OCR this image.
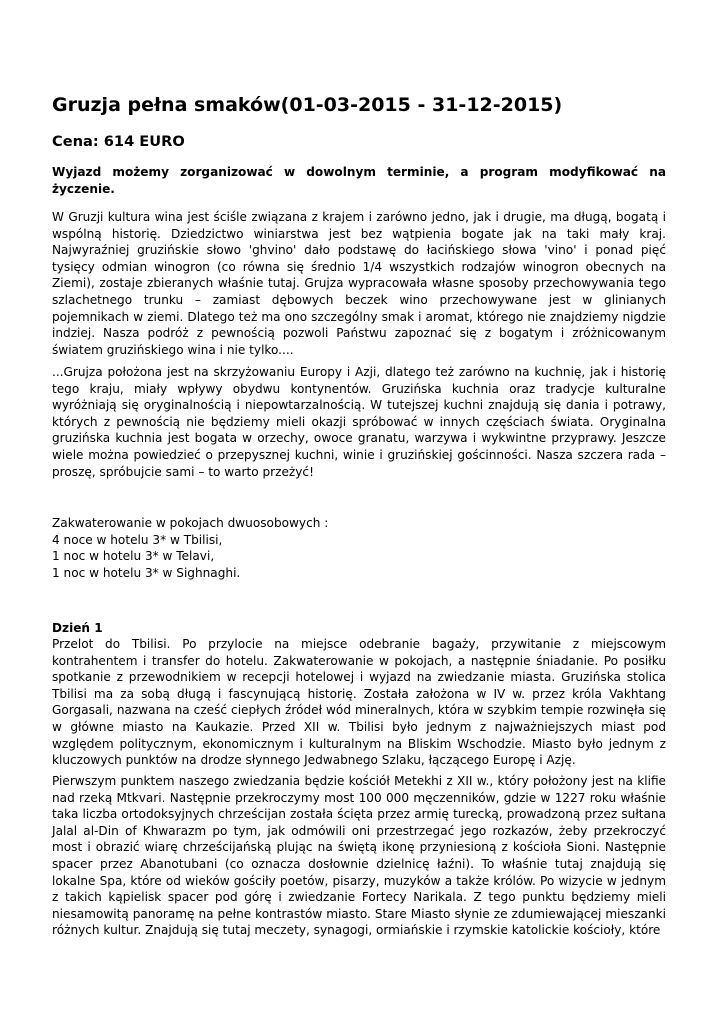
Gruzja pełna smaków(01-03-2015 - 31-12-2015)
Cena: 614 EURO

Wyjazd możemy zorganizować w dowolnym terminie, a program modyfikować na życzenie.

W Gruzji kultura wina jest ściśle związana z krajem i zarówno jedno, jak i drugie, ma długą, bogatą i wspólną historię. Dziedzictwo winiarstwa jest bez wątpienia bogate jak na taki mały kraj. Najwyraźniej gruzińskie słowo 'ghvino' dało podstawę do łacińskiego słowa 'vino' i ponad pięć tysięcy odmian winogron (co równa się średnio 1/4 wszystkich rodzajów winogron obecnych na Ziemi), zostaje zbieranych właśnie tutaj. Grujza wypracowała własne sposoby przechowywania tego szlachetnego trunku – zamiast dębowych beczek wino przechowywane jest w glinianych pojemnikach w ziemi. Dlatego też ma ono szczególny smak i aromat, którego nie znajdziemy nigdzie indziej. Nasza podróż z pewnością pozwoli Państwu zapoznać się z bogatym i zróżnicowanym światem gruzińskiego wina i nie tylko....

...Grujza położona jest na skrzyżowaniu Europy i Azji, dlatego też zarówno na kuchnię, jak i historię tego kraju, miały wpływy obydwu kontynentów. Gruzińska kuchnia oraz tradycje kulturalne wyróżniają się oryginalnością i niepowtarzalnością. W tutejszej kuchni znajdują się dania i potrawy, których z pewnością nie będziemy mieli okazji spróbować w innych częściach świata. Oryginalna gruzińska kuchnia jest bogata w orzechy, owoce granatu, warzywa i wykwintne przyprawy. Jeszcze wiele można powiedzieć o przepysznej kuchni, winie i gruzińskiej gościnności. Nasza szczera rada – proszę, spróbujcie sami – to warto przeżyć!

Zakwaterowanie w pokojach dwuosobowych :
4 noce w hotelu 3* w Tbilisi,
1 noc w hotelu 3* w Telavi,
1 noc w hotelu 3* w Sighnaghi.

Dzień 1

Przelot do Tbilisi. Po przylocie na miejsce odebranie bagaży, przywitanie z miejscowym kontrahentem i transfer do hotelu. Zakwaterowanie w pokojach, a następnie śniadanie. Po posiłku spotkanie z przewodnikiem w recepcji hotelowej i wyjazd na zwiedzanie miasta. Gruzińska stolica Tbilisi ma za sobą długą i fascynującą historię. Została założona w IV w. przez króla Vakhtang Gorgasali, nazwana na cześć ciepłych źródeł wód mineralnych, która w szybkim tempie rozwinęła się w główne miasto na Kaukazie. Przed XII w. Tbilisi było jednym z najważniejszych miast pod względem politycznym, ekonomicznym i kulturalnym na Bliskim Wschodzie. Miasto było jednym z kluczowych punktów na drodze słynnego Jedwabnego Szlaku, łączącego Europę i Azję.

Pierwszym punktem naszego zwiedzania będzie kościół Metekhi z XII w., który położony jest na klifie nad rzeką Mtkvari. Następnie przekroczymy most 100 000 męczenników, gdzie w 1227 roku właśnie taka liczba ortodoksyjnych chrześcijan została ścięta przez armię turecką, prowadzoną przez sułtana Jalal al-Din of Khwarazm po tym, jak odmówili oni przestrzegać jego rozkazów, żeby przekroczyć most i obrazić wiarę chrześcijańską plując na świętą ikonę przyniesioną z kościoła Sioni. Następnie spacer przez Abanotubani (co oznacza dosłownie dzielnicę łaźni). To właśnie tutaj znajdują się lokalne Spa, które od wieków gościły poetów, pisarzy, muzyków a także królów. Po wizycie w jednym z takich kąpielisk spacer pod górę i zwiedzanie Fortecy Narikala. Z tego punktu będziemy mieli niesamowitą panoramę na pełne kontrastów miasto. Stare Miasto słynie ze zdumiewającej mieszanki różnych kultur. Znajdują się tutaj meczety, synagogi, ormiańskie i rzymskie katolickie kościoły, które
